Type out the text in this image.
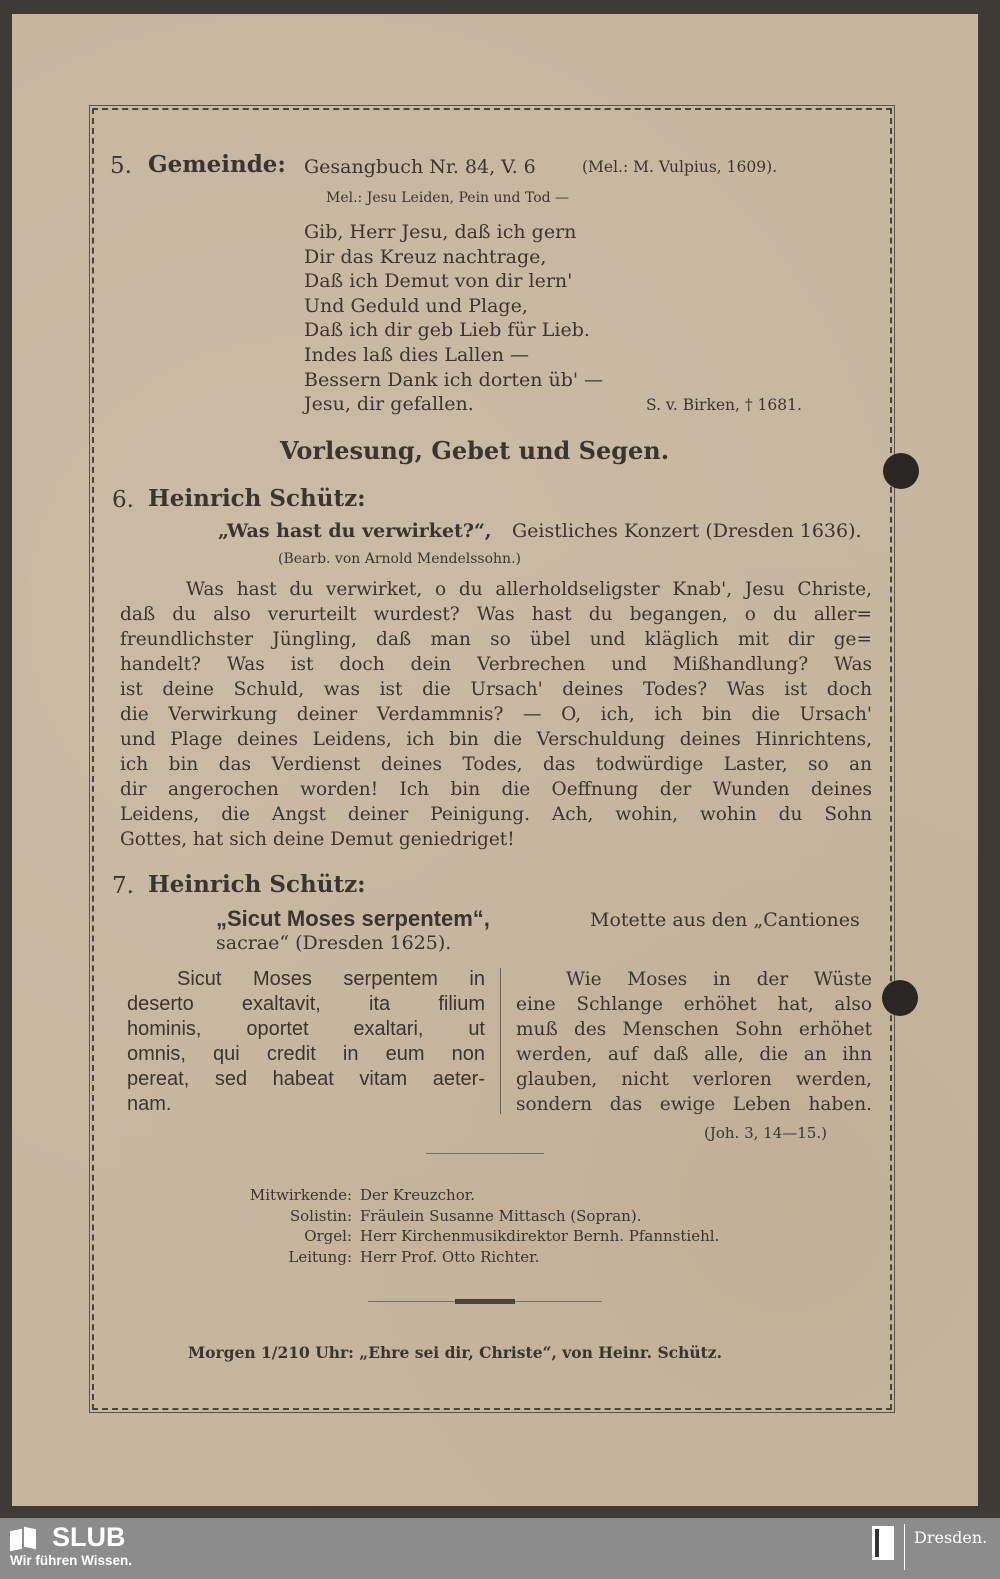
5. Gemeinde: Gesangbuch Nr. 84, V. 6	(Mel.: M. Vulpius, 1609).
Mel.: Jesu Leiden, Pein und Tod —
Gib, Herr Jesu, daß ich gern
Dir das Kreuz nachtrage,
Daß ich Demut von dir lern'
Und Geduld und Plage,
Daß ich dir geb Lieb für Lieb.
Indes laß dies Lallen —
Bessern Dank ich dorten üb' —
Jesu, dir gefallen.	S. v. Birken, † 1681.
Vorlesung, Gebet und Segen.
6. Heinrich Schütz:
„Was hast du verwirket?“, Geistliches Konzert (Dresden 1636).
(Bearb. von Arnold Mendelssohn.)
Was hast du verwirket, o du allerholdseligster Knab', Jesu Christe,
daß du also verurteilt wurdest? Was hast du begangen, o du aller=
freundlichster Jüngling, daß man so übel und kläglich mit dir ge=
handelt? Was ist doch dein Verbrechen und Mißhandlung? Was
ist deine Schuld, was ist die Ursach' deines Todes? Was ist doch
die Verwirkung deiner Verdammnis? — O, ich, ich bin die Ursach'
und Plage deines Leidens, ich bin die Verschuldung deines Hinrichtens,
ich bin das Verdienst deines Todes, das todwürdige Laster, so an
dir angerochen worden! Ich bin die Oeffnung der Wunden deines
Leidens, die Angst deiner Peinigung. Ach, wohin, wohin du Sohn
Gottes, hat sich deine Demut geniedriget!
7. Heinrich Schütz:
„Sicut Moses serpentem“,	Motette aus den „Cantiones
sacrae“ (Dresden 1625).
Sicut Moses serpentem in
deserto exaltavit, ita filium
hominis, oportet exaltari, ut
omnis, qui credit in eum non
pereat, sed habeat vitam aeter-
nam.
Wie Moses in der Wüste
eine Schlange erhöhet hat, also
muß des Menschen Sohn erhöhet
werden, auf daß alle, die an ihn
glauben, nicht verloren werden,
sondern das ewige Leben haben.
(Joh. 3, 14—15.)
Mitwirkende: Der Kreuzchor.
Solistin: Fräulein Susanne Mittasch (Sopran).
Orgel: Herr Kirchenmusikdirektor Bernh. Pfannstiehl.
Leitung: Herr Prof. Otto Richter.
Morgen 1/210 Uhr: „Ehre sei dir, Christe“, von Heinr. Schütz.
SLUB
Wir führen Wissen.
Dresden.
